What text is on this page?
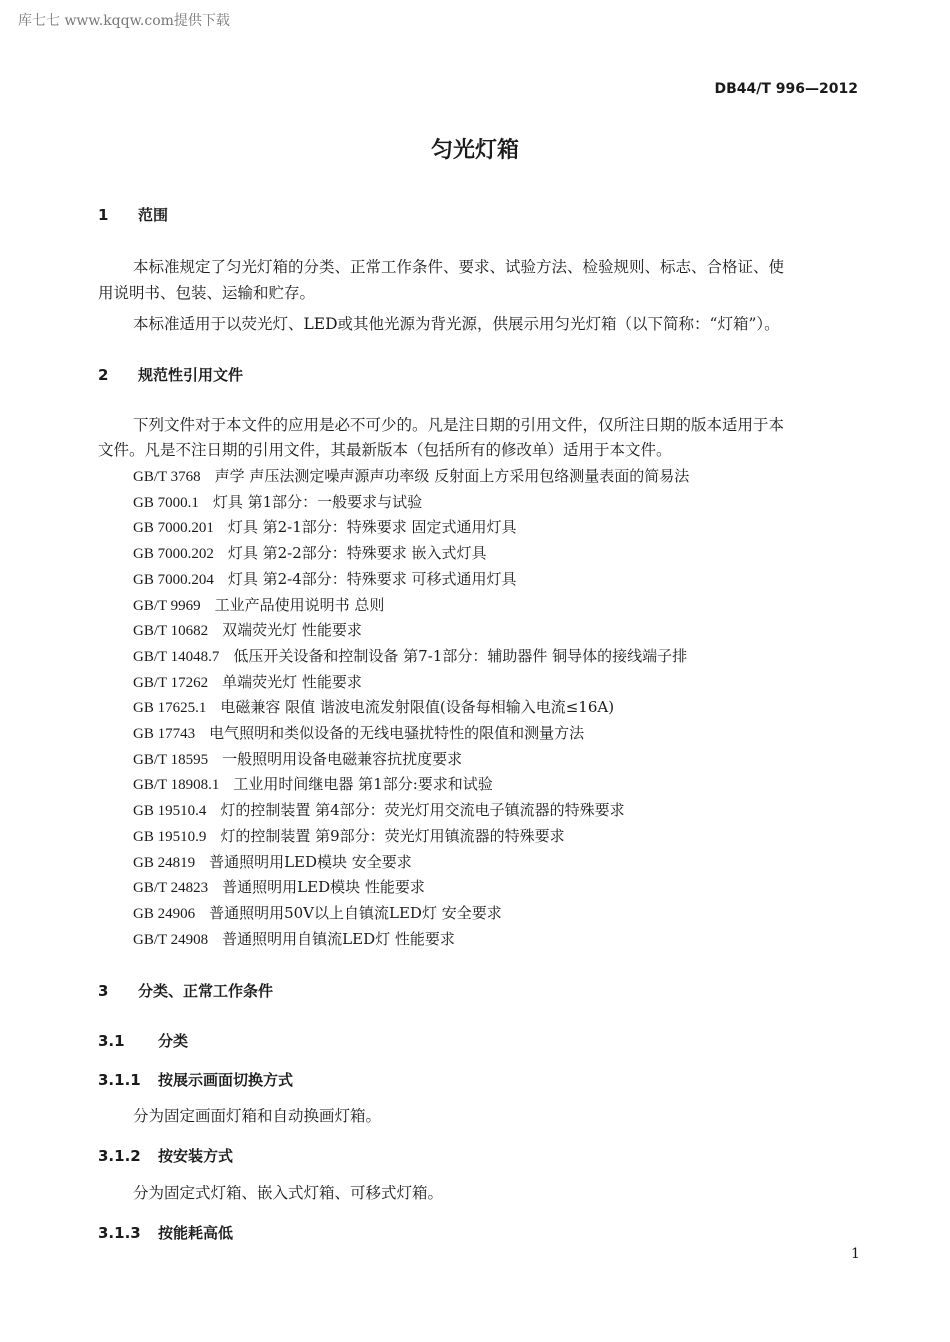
库七七 www.kqqw.com提供下载
DB44/T 996—2012
匀光灯箱
1 范围
本标准规定了匀光灯箱的分类、正常工作条件、要求、试验方法、检验规则、标志、合格证、使
用说明书、包装、运输和贮存。
本标准适用于以荧光灯、LED或其他光源为背光源，供展示用匀光灯箱（以下简称：“灯箱”）。
2 规范性引用文件
下列文件对于本文件的应用是必不可少的。凡是注日期的引用文件，仅所注日期的版本适用于本
文件。凡是不注日期的引用文件，其最新版本（包括所有的修改单）适用于本文件。
GB/T 3768 声学 声压法测定噪声源声功率级 反射面上方采用包络测量表面的简易法
GB 7000.1 灯具 第1部分：一般要求与试验
GB 7000.201 灯具 第2-1部分：特殊要求 固定式通用灯具
GB 7000.202 灯具 第2-2部分：特殊要求 嵌入式灯具
GB 7000.204 灯具 第2-4部分：特殊要求 可移式通用灯具
GB/T 9969 工业产品使用说明书 总则
GB/T 10682 双端荧光灯 性能要求
GB/T 14048.7 低压开关设备和控制设备 第7-1部分：辅助器件 铜导体的接线端子排
GB/T 17262 单端荧光灯 性能要求
GB 17625.1 电磁兼容 限值 谐波电流发射限值(设备每相输入电流≤16A)
GB 17743 电气照明和类似设备的无线电骚扰特性的限值和测量方法
GB/T 18595 一般照明用设备电磁兼容抗扰度要求
GB/T 18908.1 工业用时间继电器 第1部分:要求和试验
GB 19510.4 灯的控制装置 第4部分：荧光灯用交流电子镇流器的特殊要求
GB 19510.9 灯的控制装置 第9部分：荧光灯用镇流器的特殊要求
GB 24819 普通照明用LED模块 安全要求
GB/T 24823 普通照明用LED模块 性能要求
GB 24906 普通照明用50V以上自镇流LED灯 安全要求
GB/T 24908 普通照明用自镇流LED灯 性能要求
3 分类、正常工作条件
3.1 分类
3.1.1 按展示画面切换方式
分为固定画面灯箱和自动换画灯箱。
3.1.2 按安装方式
分为固定式灯箱、嵌入式灯箱、可移式灯箱。
3.1.3 按能耗高低
1
